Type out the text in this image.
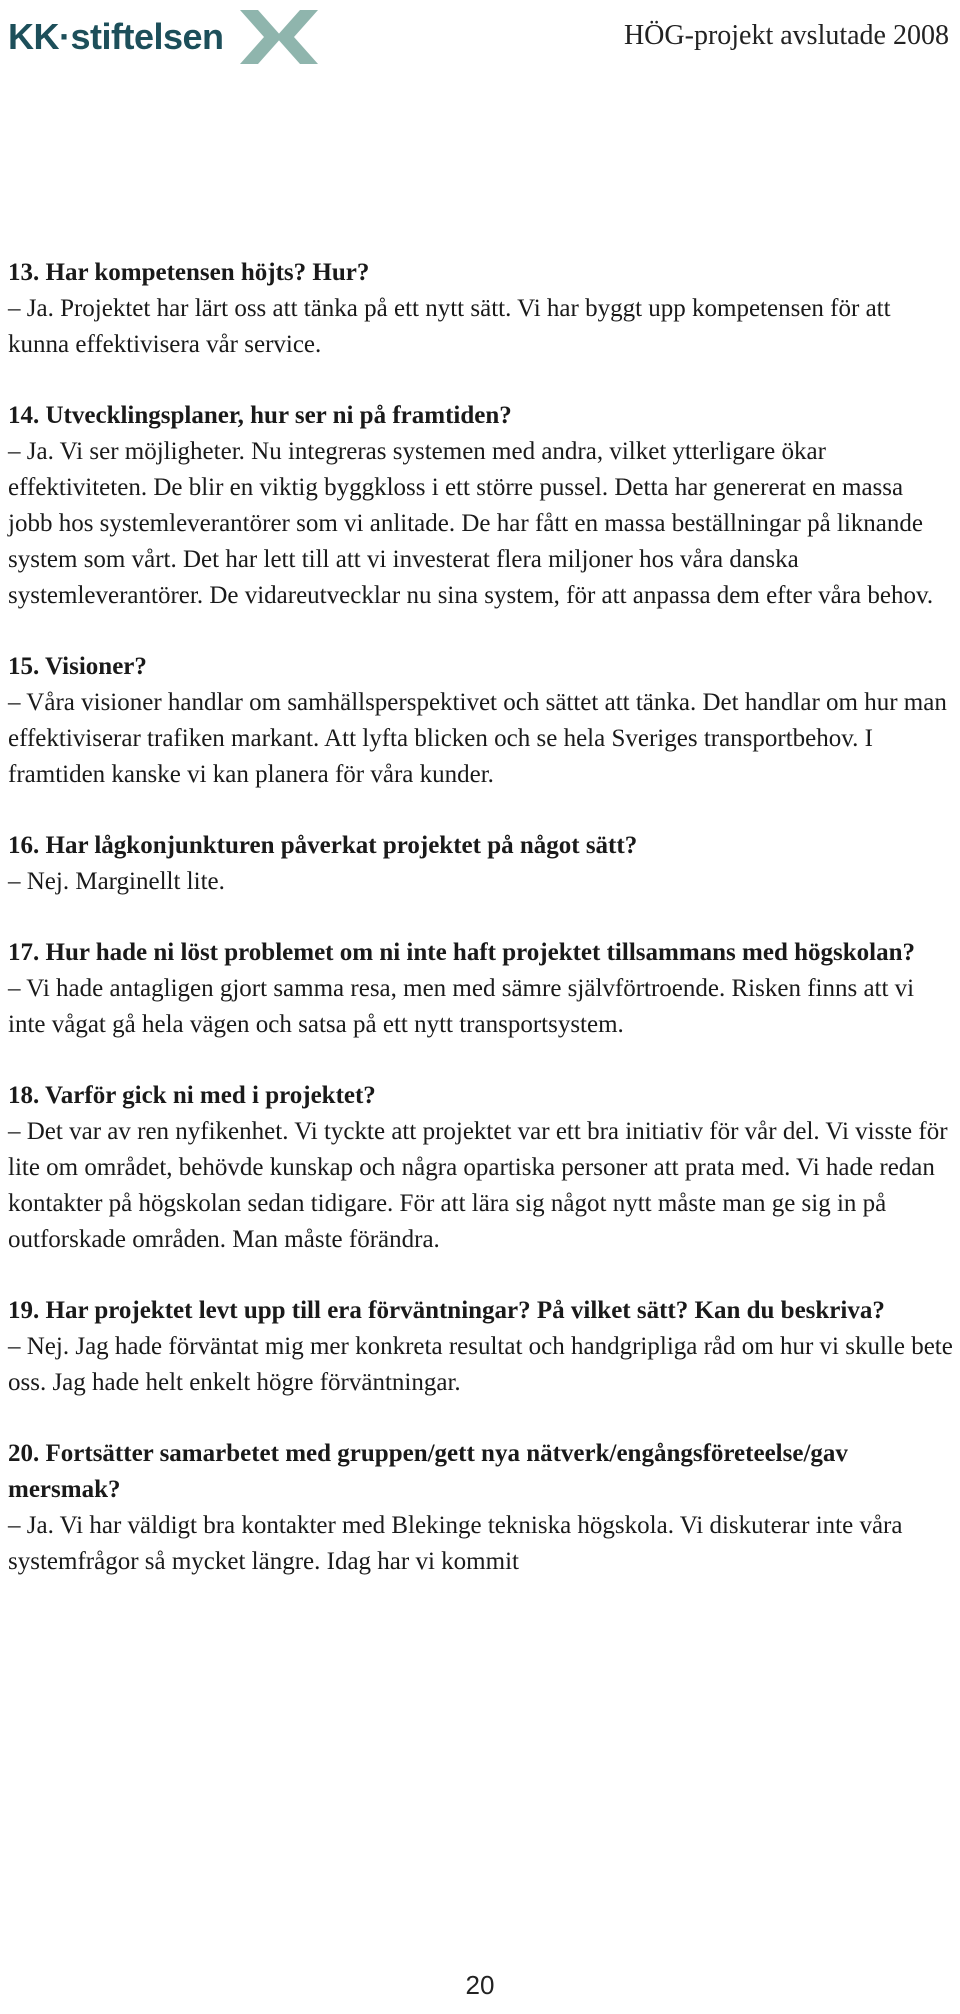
KK·stiftelsen	HÖG-projekt avslutade 2008

13. Har kompetensen höjts? Hur?

– Ja. Projektet har lärt oss att tänka på ett nytt sätt. Vi har byggt upp kompetensen för att kunna effektivisera vår service.

14. Utvecklingsplaner, hur ser ni på framtiden?

– Ja. Vi ser möjligheter. Nu integreras systemen med andra, vilket ytterligare ökar effektiviteten. De blir en viktig byggkloss i ett större pussel. Detta har genererat en massa jobb hos systemleverantörer som vi anlitade. De har fått en massa beställningar på liknande system som vårt. Det har lett till att vi investerat flera miljoner hos våra danska systemleverantörer. De vidareutvecklar nu sina system, för att anpassa dem efter våra behov.

15. Visioner?

– Våra visioner handlar om samhällsperspektivet och sättet att tänka. Det handlar om hur man effektiviserar trafiken markant. Att lyfta blicken och se hela Sveriges transportbehov. I framtiden kanske vi kan planera för våra kunder.

16. Har lågkonjunkturen påverkat projektet på något sätt?

– Nej. Marginellt lite.

17. Hur hade ni löst problemet om ni inte haft projektet tillsammans med högskolan?

– Vi hade antagligen gjort samma resa, men med sämre självförtroende. Risken finns att vi inte vågat gå hela vägen och satsa på ett nytt transportsystem.

18. Varför gick ni med i projektet?

– Det var av ren nyfikenhet. Vi tyckte att projektet var ett bra initiativ för vår del. Vi visste för lite om området, behövde kunskap och några opartiska personer att prata med. Vi hade redan kontakter på högskolan sedan tidigare. För att lära sig något nytt måste man ge sig in på outforskade områden. Man måste förändra.

19. Har projektet levt upp till era förväntningar? På vilket sätt? Kan du beskriva?

– Nej. Jag hade förväntat mig mer konkreta resultat och handgripliga råd om hur vi skulle bete oss. Jag hade helt enkelt högre förväntningar.

20. Fortsätter samarbetet med gruppen/gett nya nätverk/engångsföreteelse/gav mersmak?

– Ja. Vi har väldigt bra kontakter med Blekinge tekniska högskola. Vi diskuterar inte våra systemfrågor så mycket längre. Idag har vi kommit

20
